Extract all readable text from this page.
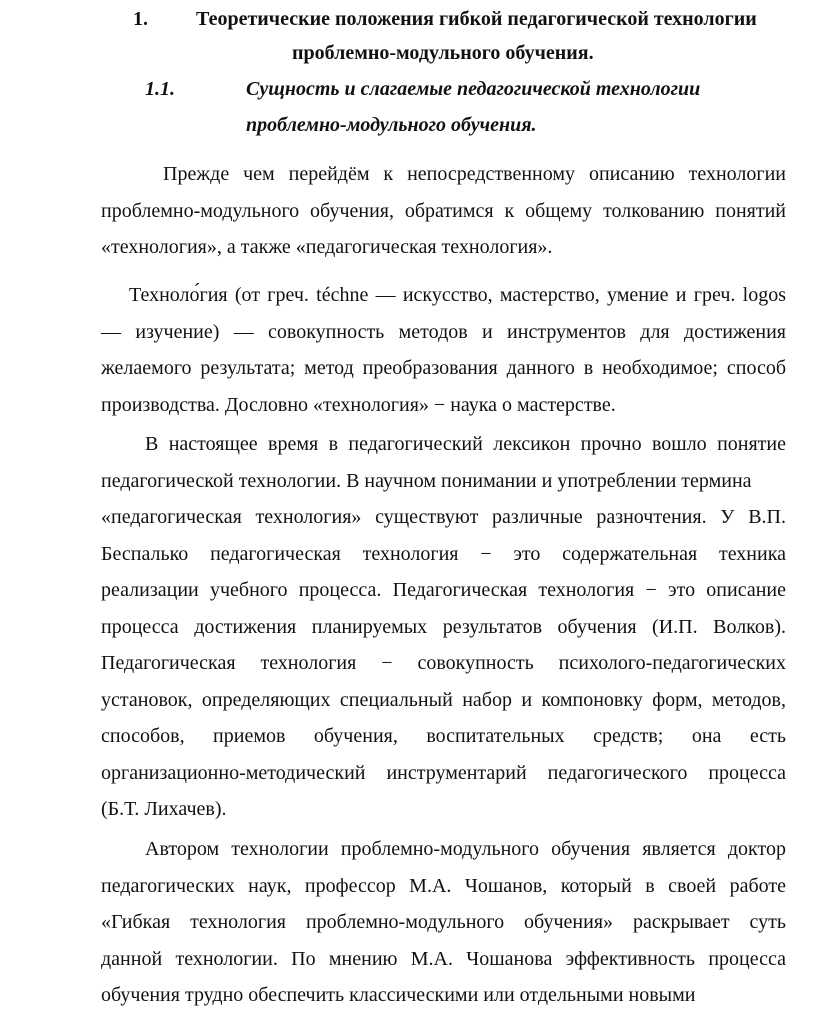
1. Теоретические положения гибкой педагогической технологии
проблемно-модульного обучения.
1.1.	Сущность и слагаемые педагогической технологии
проблемно-модульного обучения.
Прежде чем перейдём к непосредственному описанию технологии
проблемно-модульного обучения, обратимся к общему толкованию понятий
«технология», а также «педагогическая технология».
Техноло́гия (от греч. téchne — искусство, мастерство, умение и греч. logos
— изучение) — совокупность методов и инструментов для достижения
желаемого результата; метод преобразования данного в необходимое; способ
производства. Дословно «технология» − наука о мастерстве.
В настоящее время в педагогический лексикон прочно вошло понятие
педагогической технологии. В научном понимании и употреблении термина
«педагогическая технология» существуют различные разночтения. У В.П.
Беспалько педагогическая технология − это содержательная техника
реализации учебного процесса. Педагогическая технология − это описание
процесса достижения планируемых результатов обучения (И.П. Волков).
Педагогическая технология − совокупность психолого-педагогических
установок, определяющих специальный набор и компоновку форм, методов,
способов, приемов обучения, воспитательных средств; она есть
организационно-методический инструментарий педагогического процесса
(Б.Т. Лихачев).
Автором технологии проблемно-модульного обучения является доктор
педагогических наук, профессор М.А. Чошанов, который в своей работе
«Гибкая технология проблемно-модульного обучения» раскрывает суть
данной технологии. По мнению М.А. Чошанова эффективность процесса
обучения трудно обеспечить классическими или отдельными новыми
